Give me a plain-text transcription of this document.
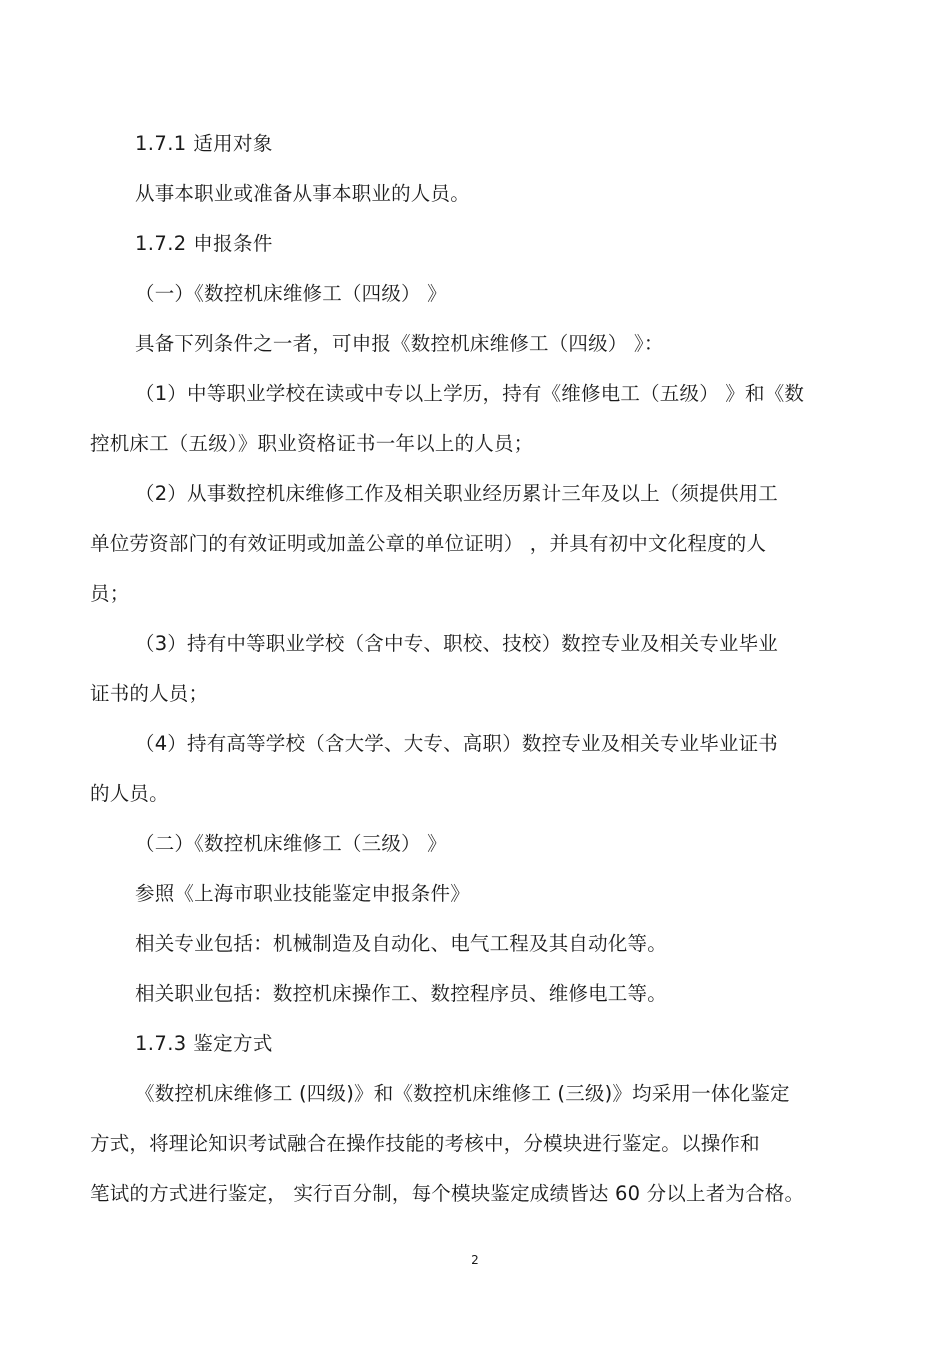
1.7.1 适用对象
从事本职业或准备从事本职业的人员。
1.7.2 申报条件
（一）《数控机床维修工（四级） 》
具备下列条件之一者，可申报《数控机床维修工（四级） 》：
（1）中等职业学校在读或中专以上学历，持有《维修电工（五级） 》和《数
控机床工（五级）》职业资格证书一年以上的人员；
（2）从事数控机床维修工作及相关职业经历累计三年及以上（须提供用工
单位劳资部门的有效证明或加盖公章的单位证明） ，并具有初中文化程度的人
员；
（3）持有中等职业学校（含中专、职校、技校）数控专业及相关专业毕业
证书的人员；
（4）持有高等学校（含大学、大专、高职）数控专业及相关专业毕业证书
的人员。
（二）《数控机床维修工（三级） 》
参照《上海市职业技能鉴定申报条件》
相关专业包括：机械制造及自动化、电气工程及其自动化等。
相关职业包括：数控机床操作工、数控程序员、维修电工等。
1.7.3 鉴定方式
《数控机床维修工 (四级)》和《数控机床维修工 (三级)》均采用一体化鉴定
方式，将理论知识考试融合在操作技能的考核中，分模块进行鉴定。以操作和
笔试的方式进行鉴定， 实行百分制，每个模块鉴定成绩皆达 60 分以上者为合格。
2
